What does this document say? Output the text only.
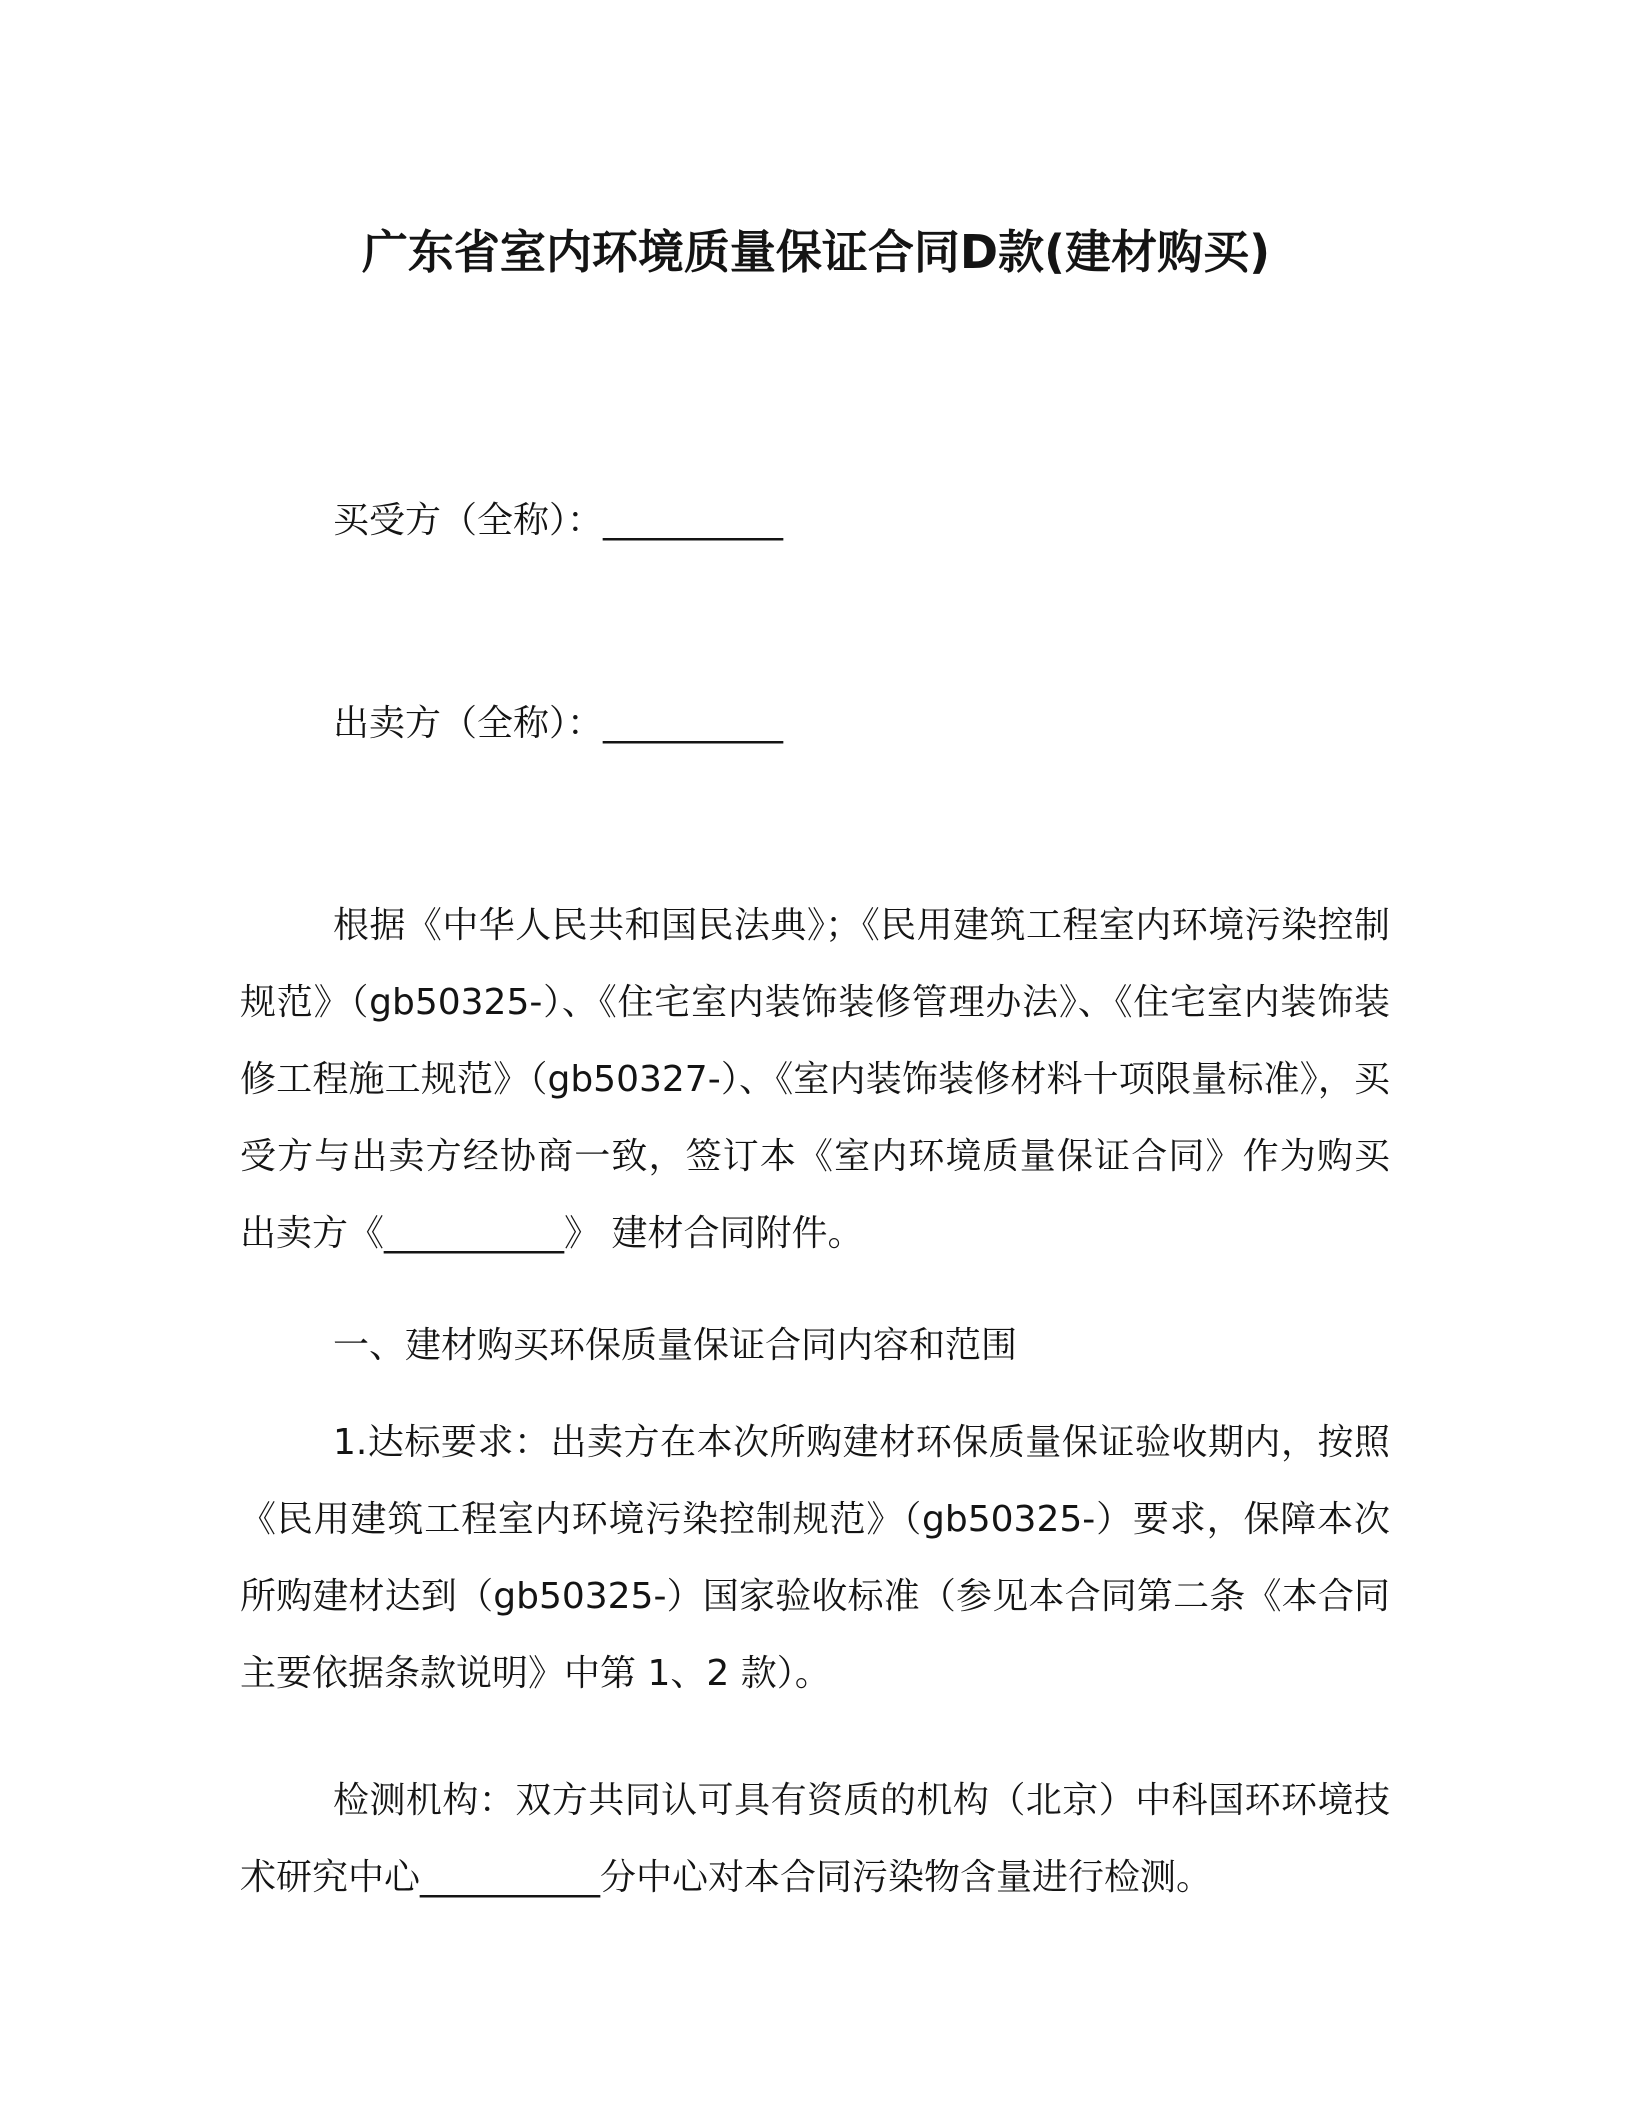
广东省室内环境质量保证合同D款(建材购买)
买受方（全称）：__________
出卖方（全称）：__________

根据《中华人民共和国民法典》；《民用建筑工程室内环境污染控制规范》（gb50325-）、《住宅室内装饰装修管理办法》、《住宅室内装饰装修工程施工规范》（gb50327-）、《室内装饰装修材料十项限量标准》，买受方与出卖方经协商一致，签订本《室内环境质量保证合同》作为购买出卖方《__________》 建材合同附件。

一、建材购买环保质量保证合同内容和范围

1.达标要求：出卖方在本次所购建材环保质量保证验收期内，按照《民用建筑工程室内环境污染控制规范》（gb50325-）要求，保障本次所购建材达到（gb50325-）国家验收标准（参见本合同第二条《本合同主要依据条款说明》中第 1、2 款）。

检测机构：双方共同认可具有资质的机构（北京）中科国环环境技术研究中心__________分中心对本合同污染物含量进行检测。
